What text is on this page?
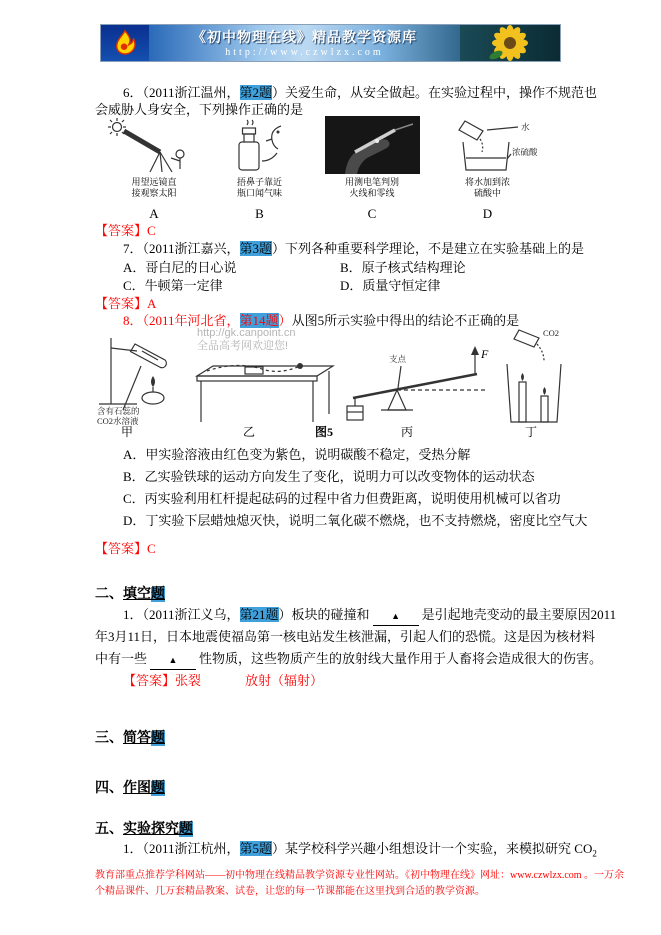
《初中物理在线》精品教学资源库
http://www.czwlzx.com
6．（2011浙江温州，第2题）关爱生命，从安全做起。在实验过程中，操作不规范也
会威胁人身安全，下列操作正确的是
用望远镜直
接观察太阳
A
捂鼻子靠近
瓶口闻气味
B
用测电笔判别
火线和零线
C
水
浓硫酸
将水加到浓
硫酸中
D
【答案】C
7．（2011浙江嘉兴，第3题）下列各种重要科学理论，不是建立在实验基础上的是
A．哥白尼的日心说	B．原子核式结构理论
C．牛顿第一定律	D．质量守恒定律
【答案】A
8．（2011年河北省，第14题）从图5所示实验中得出的结论不正确的是
含有石蕊的
CO2水溶液
甲	乙	图5
支点	F
丙
CO2
丁
http://gk.canpoint.cn
全品高考网欢迎您!
A．甲实验溶液由红色变为紫色，说明碳酸不稳定，受热分解
B．乙实验铁球的运动方向发生了变化，说明力可以改变物体的运动状态
C．丙实验利用杠杆提起砝码的过程中省力但费距离，说明使用机械可以省功
D．丁实验下层蜡烛熄灭快，说明二氧化碳不燃烧，也不支持燃烧，密度比空气大
【答案】C
二、填空题
1．（2011浙江义乌，第21题）板块的碰撞和 ▲ 是引起地壳变动的最主要原因2011
年3月11日，日本地震使福岛第一核电站发生核泄漏，引起人们的恐慌。这是因为核材料
中有一些 ▲ 性物质，这些物质产生的放射线大量作用于人畜将会造成很大的伤害。
【答案】张裂	放射（辐射）
三、简答题
四、作图题
五、实验探究题
1．（2011浙江杭州，第5题）某学校科学兴趣小组想设计一个实验，来模拟研究 $CO_2$
教育部重点推荐学科网站——初中物理在线精品教学资源专业性网站。《初中物理在线》网址：www.czwlzx.com 。一万余
个精品课件、几万套精品教案、试卷，让您的每一节课都能在这里找到合适的教学资源。
